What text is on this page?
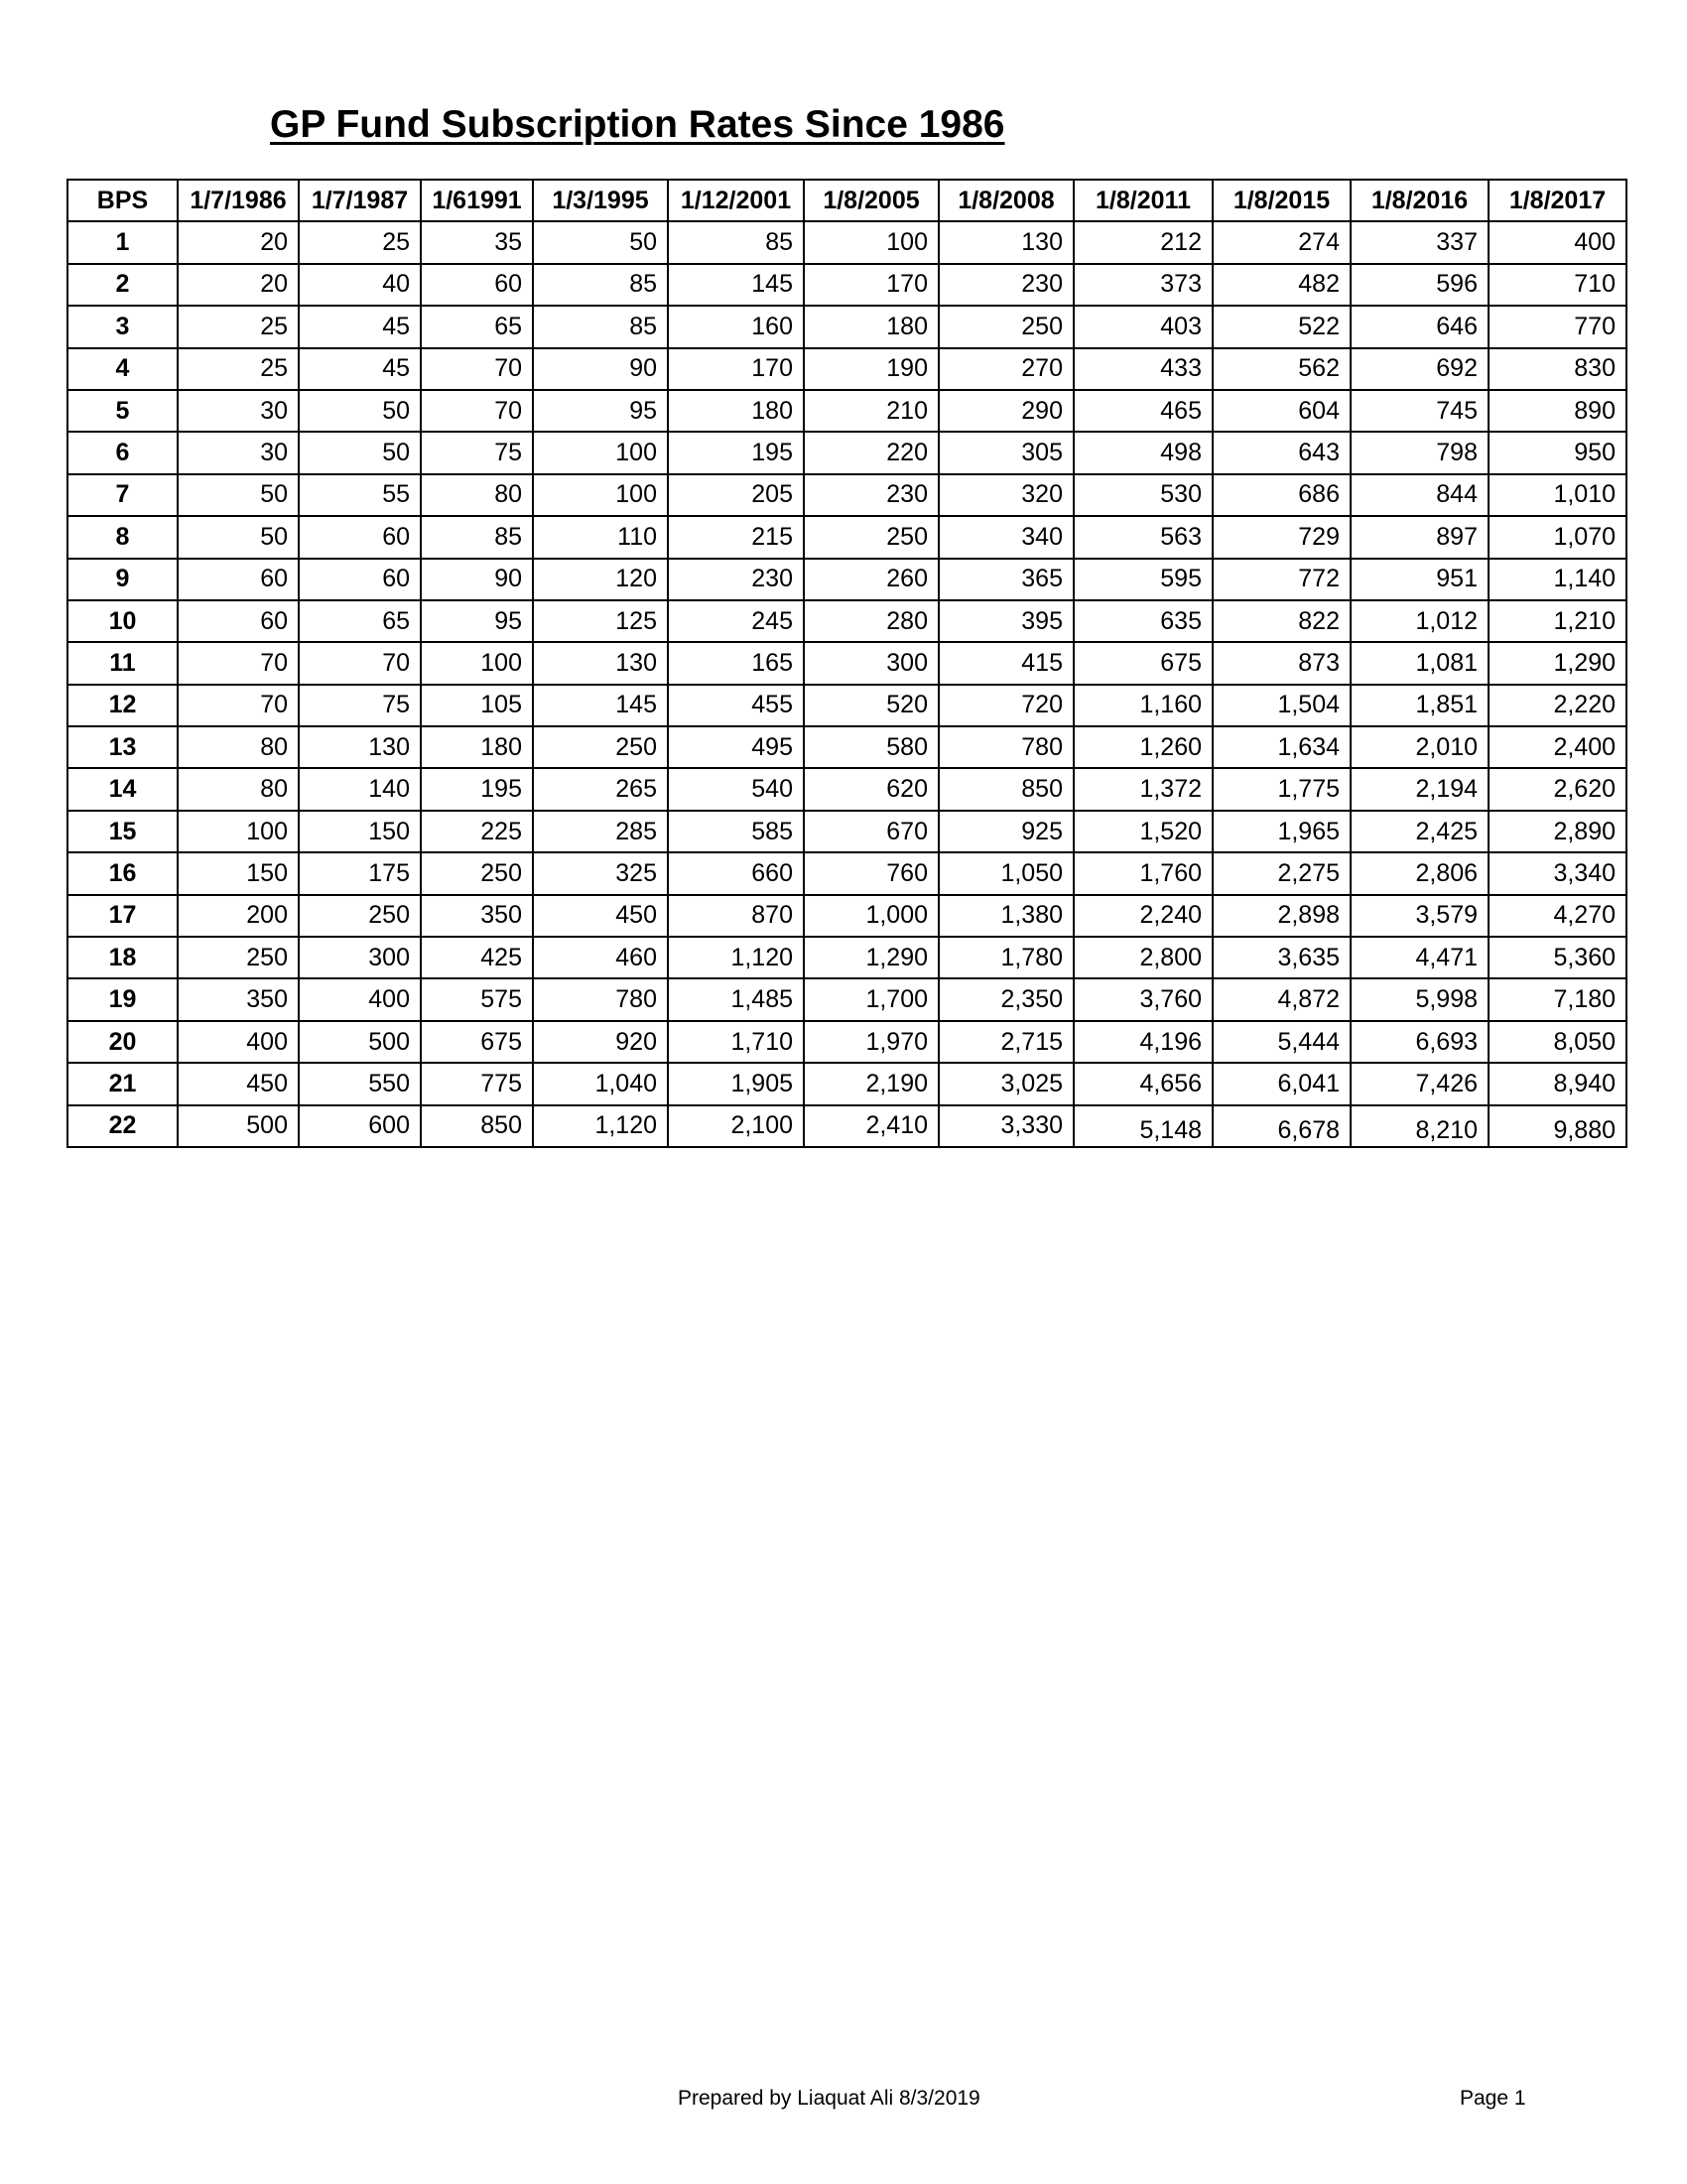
GP Fund Subscription Rates Since 1986
BPS	1/7/1986	1/7/1987	1/61991	1/3/1995	1/12/2001	1/8/2005	1/8/2008	1/8/2011	1/8/2015	1/8/2016	1/8/2017
1	20	25	35	50	85	100	130	212	274	337	400
2	20	40	60	85	145	170	230	373	482	596	710
3	25	45	65	85	160	180	250	403	522	646	770
4	25	45	70	90	170	190	270	433	562	692	830
5	30	50	70	95	180	210	290	465	604	745	890
6	30	50	75	100	195	220	305	498	643	798	950
7	50	55	80	100	205	230	320	530	686	844	1,010
8	50	60	85	110	215	250	340	563	729	897	1,070
9	60	60	90	120	230	260	365	595	772	951	1,140
10	60	65	95	125	245	280	395	635	822	1,012	1,210
11	70	70	100	130	165	300	415	675	873	1,081	1,290
12	70	75	105	145	455	520	720	1,160	1,504	1,851	2,220
13	80	130	180	250	495	580	780	1,260	1,634	2,010	2,400
14	80	140	195	265	540	620	850	1,372	1,775	2,194	2,620
15	100	150	225	285	585	670	925	1,520	1,965	2,425	2,890
16	150	175	250	325	660	760	1,050	1,760	2,275	2,806	3,340
17	200	250	350	450	870	1,000	1,380	2,240	2,898	3,579	4,270
18	250	300	425	460	1,120	1,290	1,780	2,800	3,635	4,471	5,360
19	350	400	575	780	1,485	1,700	2,350	3,760	4,872	5,998	7,180
20	400	500	675	920	1,710	1,970	2,715	4,196	5,444	6,693	8,050
21	450	550	775	1,040	1,905	2,190	3,025	4,656	6,041	7,426	8,940
22	500	600	850	1,120	2,100	2,410	3,330	5,148	6,678	8,210	9,880
Prepared by Liaquat Ali 8/3/2019	Page 1
